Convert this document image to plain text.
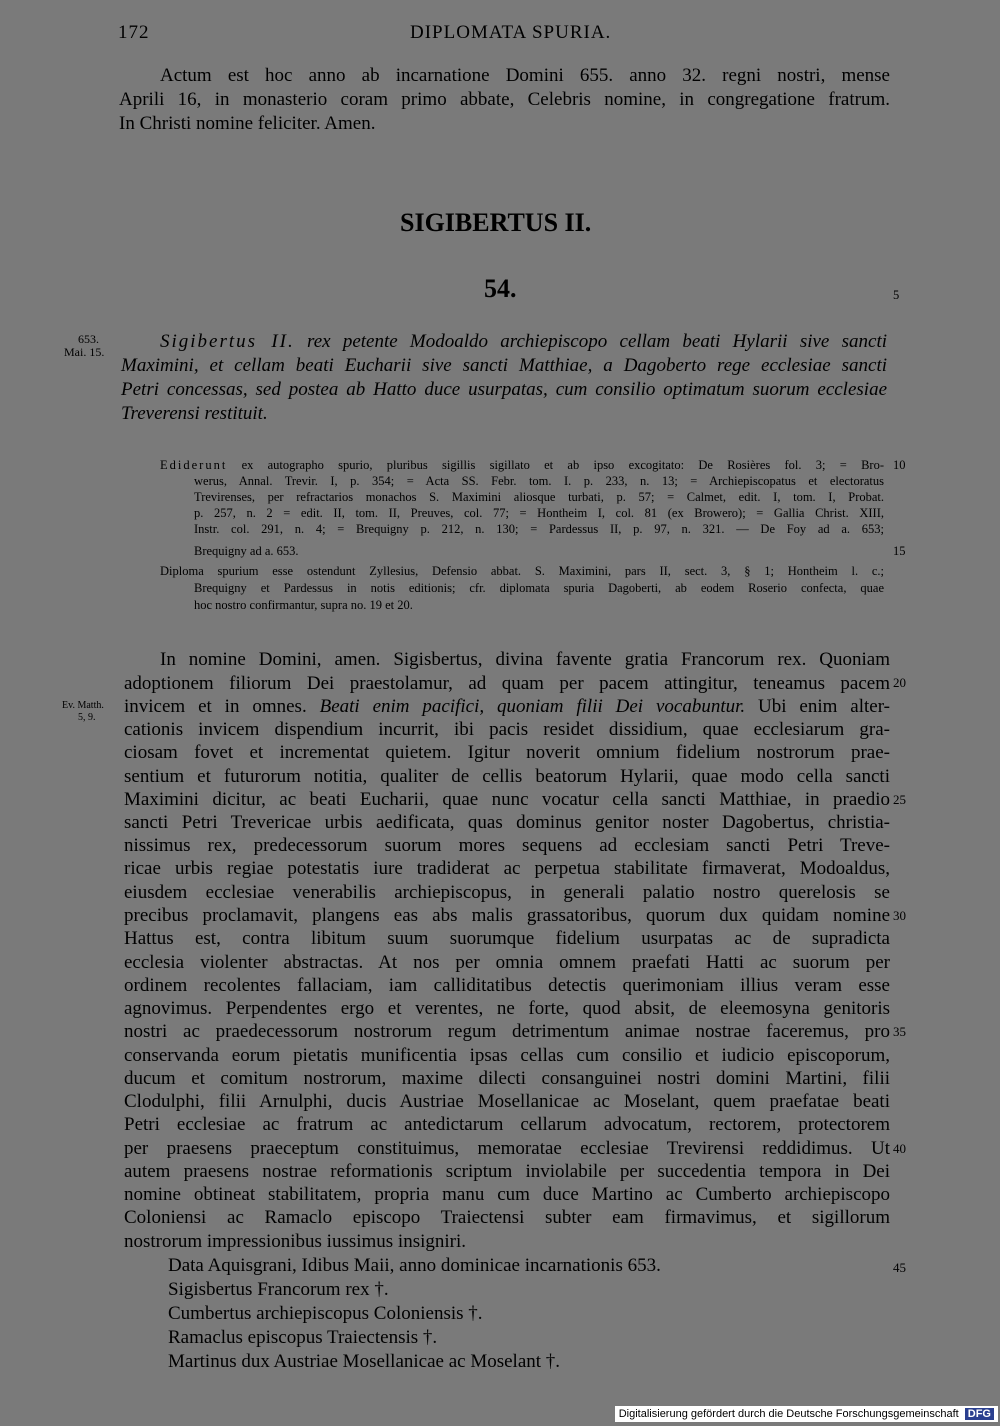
172	DIPLOMATA SPURIA.
Actum est hoc anno ab incarnatione Domini 655. anno 32. regni nostri, mense
Aprili 16, in monasterio coram primo abbate, Celebris nomine, in congregatione fratrum.
In Christi nomine feliciter. Amen.
SIGIBERTUS II.
54.	5
653.
Mai. 15.	Sigibertus II. rex petente Modoaldo archiepiscopo cellam beati Hylarii sive sancti
Maximini, et cellam beati Eucharii sive sancti Matthiae, a Dagoberto rege ecclesiae sancti
Petri concessas, sed postea ab Hatto duce usurpatas, cum consilio optimatum suorum ecclesiae
Treverensi restituit.
Ediderunt ex autographo spurio, pluribus sigillis sigillato et ab ipso excogitato: De Rosières fol. 3; = Bro- 10
werus, Annal. Trevir. I, p. 354; = Acta SS. Febr. tom. I. p. 233, n. 13; = Archiepiscopatus et electoratus
Trevirenses, per refractarios monachos S. Maximini aliosque turbati, p. 57; = Calmet, edit. I, tom. I, Probat.
p. 257, n. 2 = edit. II, tom. II, Preuves, col. 77; = Hontheim I, col. 81 (ex Browero); = Gallia Christ. XIII,
Instr. col. 291, n. 4; = Brequigny p. 212, n. 130; = Pardessus II, p. 97, n. 321. — De Foy ad a. 653;
Brequigny ad a. 653.	15
Diploma spurium esse ostendunt Zyllesius, Defensio abbat. S. Maximini, pars II, sect. 3, § 1; Hontheim l. c.;
Brequigny et Pardessus in notis editionis; cfr. diplomata spuria Dagoberti, ab eodem Roserio confecta, quae
hoc nostro confirmantur, supra no. 19 et 20.
Ev. Matth.
5, 9.
In nomine Domini, amen. Sigisbertus, divina favente gratia Francorum rex. Quoniam
adoptionem filiorum Dei praestolamur, ad quam per pacem attingitur, teneamus pacem 20
invicem et in omnes. Beati enim pacifici, quoniam filii Dei vocabuntur. Ubi enim alter-
cationis invicem dispendium incurrit, ibi pacis residet dissidium, quae ecclesiarum gra-
ciosam fovet et incrementat quietem. Igitur noverit omnium fidelium nostrorum prae-
sentium et futurorum notitia, qualiter de cellis beatorum Hylarii, quae modo cella sancti
Maximini dicitur, ac beati Eucharii, quae nunc vocatur cella sancti Matthiae, in praedio 25
sancti Petri Trevericae urbis aedificata, quas dominus genitor noster Dagobertus, christia-
nissimus rex, predecessorum suorum mores sequens ad ecclesiam sancti Petri Treve-
ricae urbis regiae potestatis iure tradiderat ac perpetua stabilitate firmaverat, Modoaldus,
eiusdem ecclesiae venerabilis archiepiscopus, in generali palatio nostro querelosis se
precibus proclamavit, plangens eas abs malis grassatoribus, quorum dux quidam nomine 30
Hattus est, contra libitum suum suorumque fidelium usurpatas ac de supradicta
ecclesia violenter abstractas. At nos per omnia omnem praefati Hatti ac suorum per
ordinem recolentes fallaciam, iam calliditatibus detectis querimoniam illius veram esse
agnovimus. Perpendentes ergo et verentes, ne forte, quod absit, de eleemosyna genitoris
nostri ac praedecessorum nostrorum regum detrimentum animae nostrae faceremus, pro 35
conservanda eorum pietatis munificentia ipsas cellas cum consilio et iudicio episcoporum,
ducum et comitum nostrorum, maxime dilecti consanguinei nostri domini Martini, filii
Clodulphi, filii Arnulphi, ducis Austriae Mosellanicae ac Moselant, quem praefatae beati
Petri ecclesiae ac fratrum ac antedictarum cellarum advocatum, rectorem, protectorem
per praesens praeceptum constituimus, memoratae ecclesiae Trevirensi reddidimus. Ut 40
autem praesens nostrae reformationis scriptum inviolabile per succedentia tempora in Dei
nomine obtineat stabilitatem, propria manu cum duce Martino ac Cumberto archiepiscopo
Coloniensi ac Ramaclo episcopo Traiectensi subter eam firmavimus, et sigillorum
nostrorum impressionibus iussimus insigniri.
Data Aquisgrani, Idibus Maii, anno dominicae incarnationis 653.	45
Sigisbertus Francorum rex †.
Cumbertus archiepiscopus Coloniensis †.
Ramaclus episcopus Traiectensis †.
Martinus dux Austriae Mosellanicae ac Moselant †.
Digitalisierung gefördert durch die Deutsche Forschungsgemeinschaft DFG
